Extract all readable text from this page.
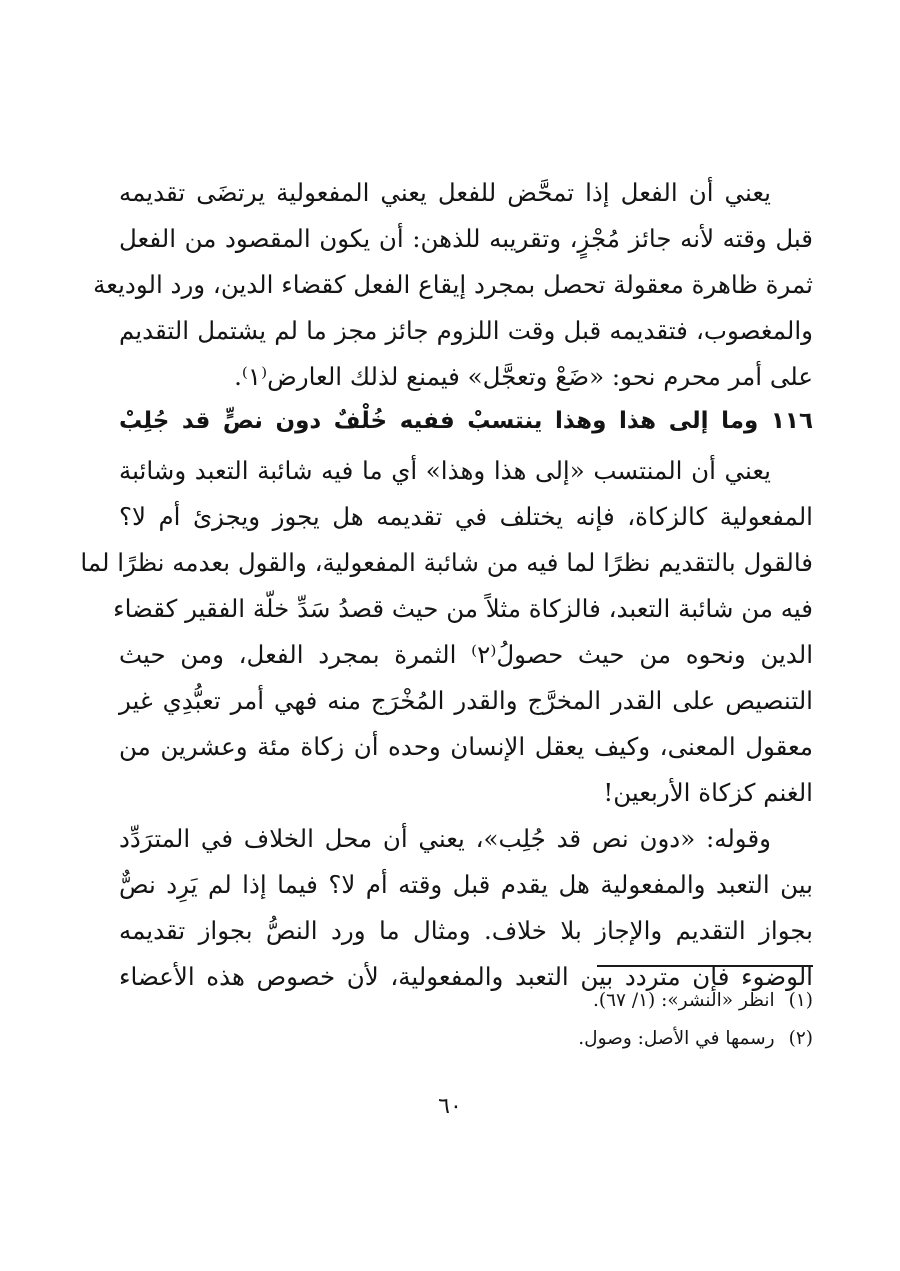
يعني أن الفعل إذا تمحَّض للفعل يعني المفعولية يرتضَى تقديمه
قبل وقته لأنه جائز مُجْزٍ، وتقريبه للذهن: أن يكون المقصود من الفعل
ثمرة ظاهرة معقولة تحصل بمجرد إيقاع الفعل كقضاء الدين، ورد الوديعة
والمغصوب، فتقديمه قبل وقت اللزوم جائز مجز ما لم يشتمل التقديم
على أمر محرم نحو: «ضَعْ وتعجَّل» فيمنع لذلك العارض⁽١⁾.
١١٦ وما إلى هذا وهذا ينتسبْ ففيه خُلْفٌ دون نصٍّ قد جُلِبْ
يعني أن المنتسب «إلى هذا وهذا» أي ما فيه شائبة التعبد وشائبة
المفعولية كالزكاة، فإنه يختلف في تقديمه هل يجوز ويجزئ أم لا؟
فالقول بالتقديم نظرًا لما فيه من شائبة المفعولية، والقول بعدمه نظرًا لما
فيه من شائبة التعبد، فالزكاة مثلاً من حيث قصدُ سَدِّ خلّة الفقير كقضاء
الدين ونحوه من حيث حصولُ⁽٢⁾ الثمرة بمجرد الفعل، ومن حيث
التنصيص على القدر المخرَّج والقدر المُخْرَج منه فهي أمر تعبُّدِي غير
معقول المعنى، وكيف يعقل الإنسان وحده أن زكاة مئة وعشرين من
الغنم كزكاة الأربعين!
وقوله: «دون نص قد جُلِب»، يعني أن محل الخلاف في المترَدِّد
بين التعبد والمفعولية هل يقدم قبل وقته أم لا؟ فيما إذا لم يَرِد نصٌّ
بجواز التقديم والإجاز بلا خلاف. ومثال ما ورد النصُّ بجواز تقديمه
الوضوء فإن متردد بين التعبد والمفعولية، لأن خصوص هذه الأعضاء
(١)انظر «النشر»: (١/ ٦٧).
(٢)رسمها في الأصل: وصول.
٦٠
